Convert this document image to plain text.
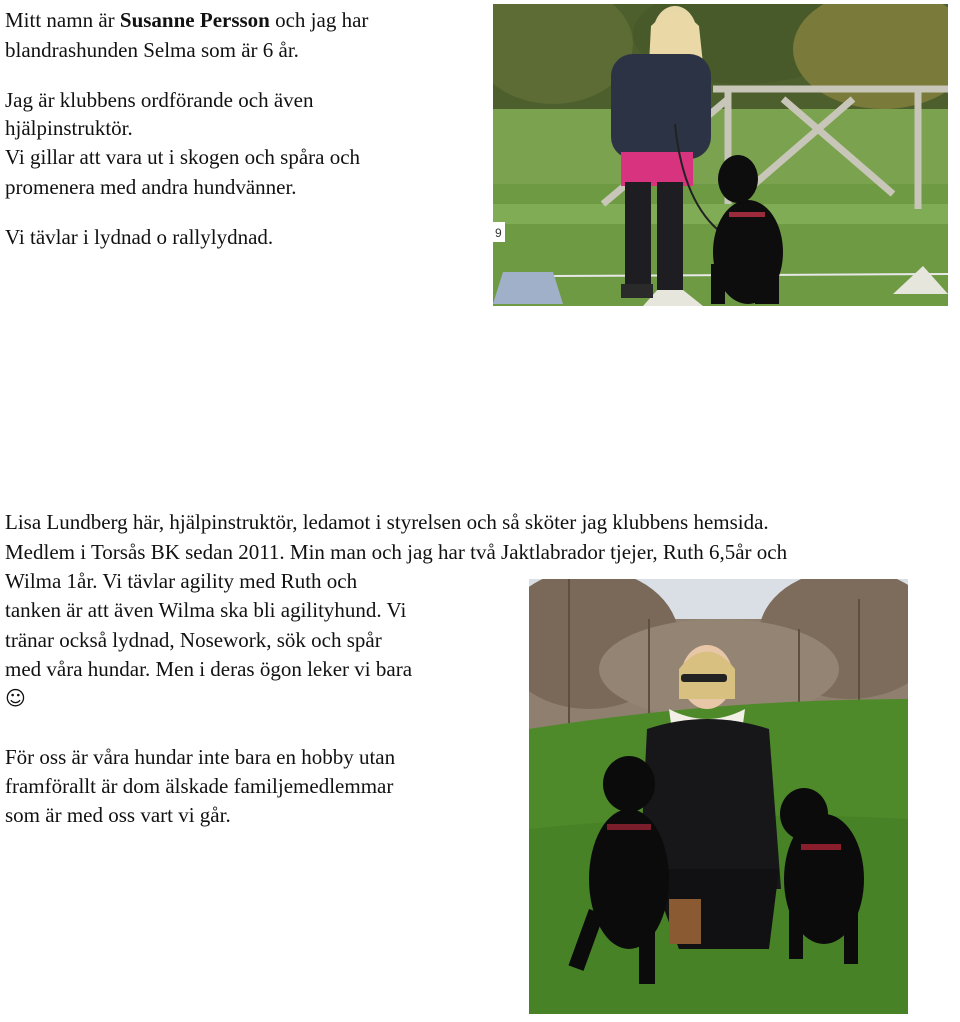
Mitt namn är Susanne Persson och jag har
blandrashunden Selma som är 6 år.
Jag är klubbens ordförande och även
hjälpinstruktör.
Vi gillar att vara ut i skogen och spåra och
promenera med andra hundvänner.
Vi tävlar i lydnad o rallylydnad.	9
Lisa Lundberg här, hjälpinstruktör, ledamot i styrelsen och så sköter jag klubbens hemsida.
Medlem i Torsås BK sedan 2011. Min man och jag har två Jaktlabrador tjejer, Ruth 6,5år och
Wilma 1år. Vi tävlar agility med Ruth och
tanken är att även Wilma ska bli agilityhund. Vi
tränar också lydnad, Nosework, sök och spår
med våra hundar. Men i deras ögon leker vi bara
☺
För oss är våra hundar inte bara en hobby utan
framförallt är dom älskade familjemedlemmar
som är med oss vart vi går.
